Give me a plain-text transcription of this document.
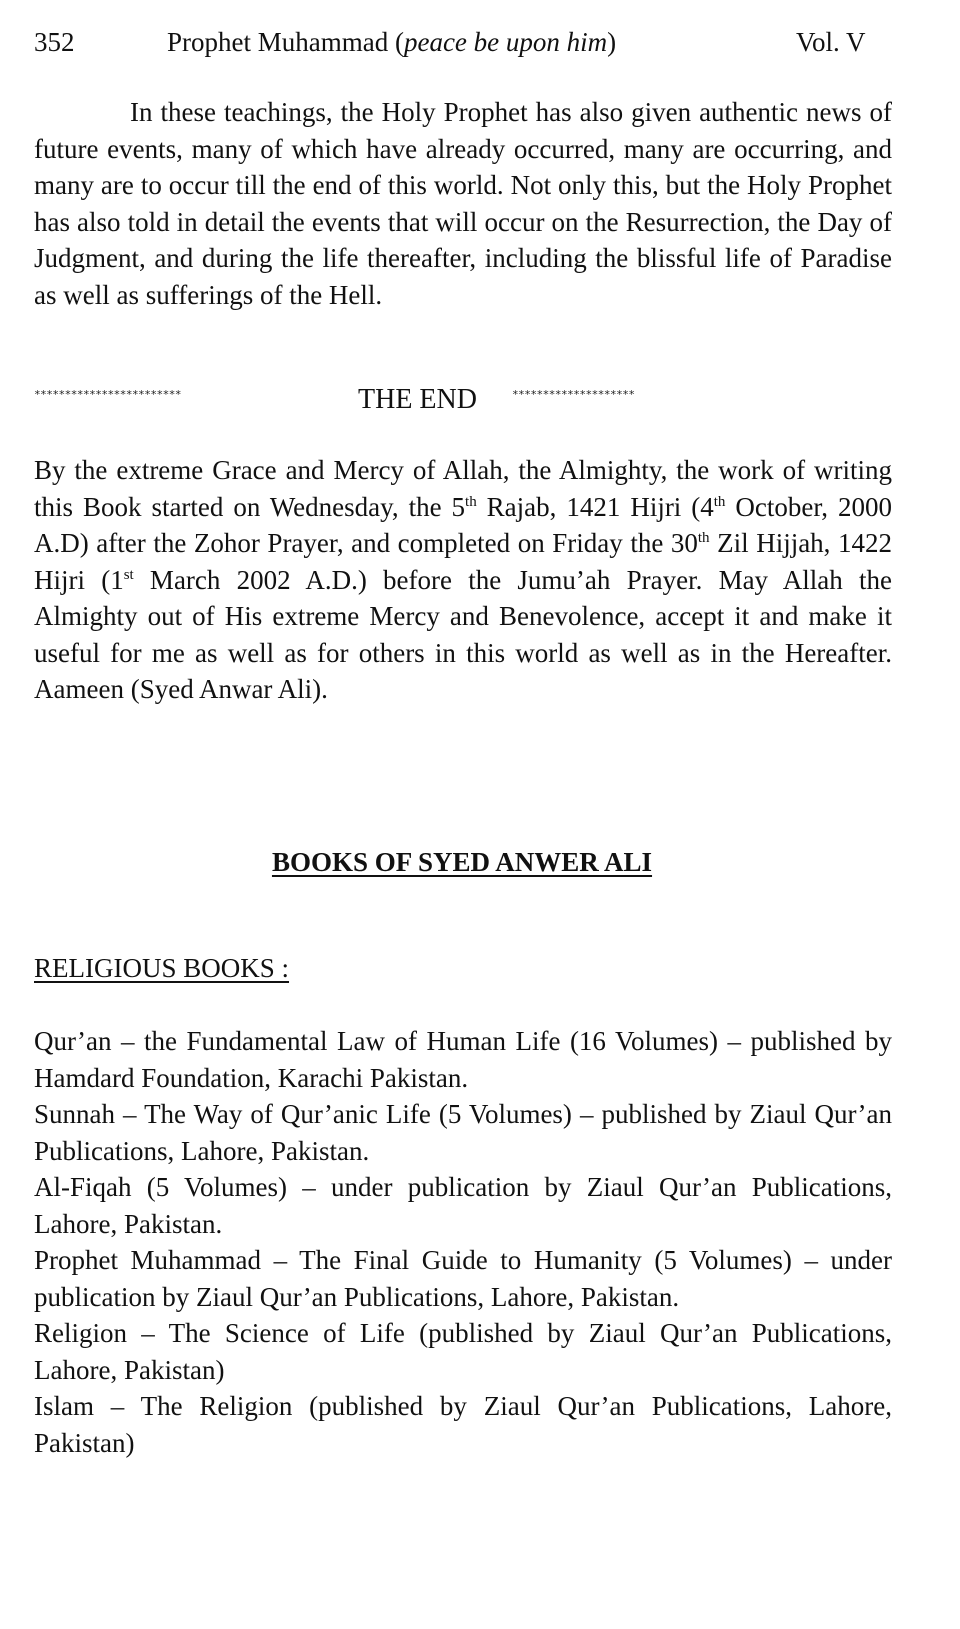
352	Prophet Muhammad (peace be upon him)	Vol. V

In these teachings, the Holy Prophet has also given authentic news of future events, many of which have already occurred, many are occurring, and many are to occur till the end of this world. Not only this, but the Holy Prophet has also told in detail the events that will occur on the Resurrection, the Day of Judgment, and during the life thereafter, including the blissful life of Paradise as well as sufferings of the Hell.

************************	THE END	********************

By the extreme Grace and Mercy of Allah, the Almighty, the work of writing this Book started on Wednesday, the 5th Rajab, 1421 Hijri (4th October, 2000 A.D) after the Zohor Prayer, and completed on Friday the 30th Zil Hijjah, 1422 Hijri (1st March 2002 A.D.) before the Jumu’ah Prayer. May Allah the Almighty out of His extreme Mercy and Benevolence, accept it and make it useful for me as well as for others in this world as well as in the Hereafter. Aameen (Syed Anwar Ali).

BOOKS OF SYED ANWER ALI
RELIGIOUS BOOKS :
Qur’an – the Fundamental Law of Human Life (16 Volumes) – published by Hamdard Foundation, Karachi Pakistan.
Sunnah – The Way of Qur’anic Life (5 Volumes) – published by Ziaul Qur’an Publications, Lahore, Pakistan.
Al-Fiqah (5 Volumes) – under publication by Ziaul Qur’an Publications, Lahore, Pakistan.
Prophet Muhammad – The Final Guide to Humanity (5 Volumes) – under publication by Ziaul Qur’an Publications, Lahore, Pakistan.
Religion – The Science of Life (published by Ziaul Qur’an Publications, Lahore, Pakistan)
Islam – The Religion (published by Ziaul Qur’an Publications, Lahore, Pakistan)
